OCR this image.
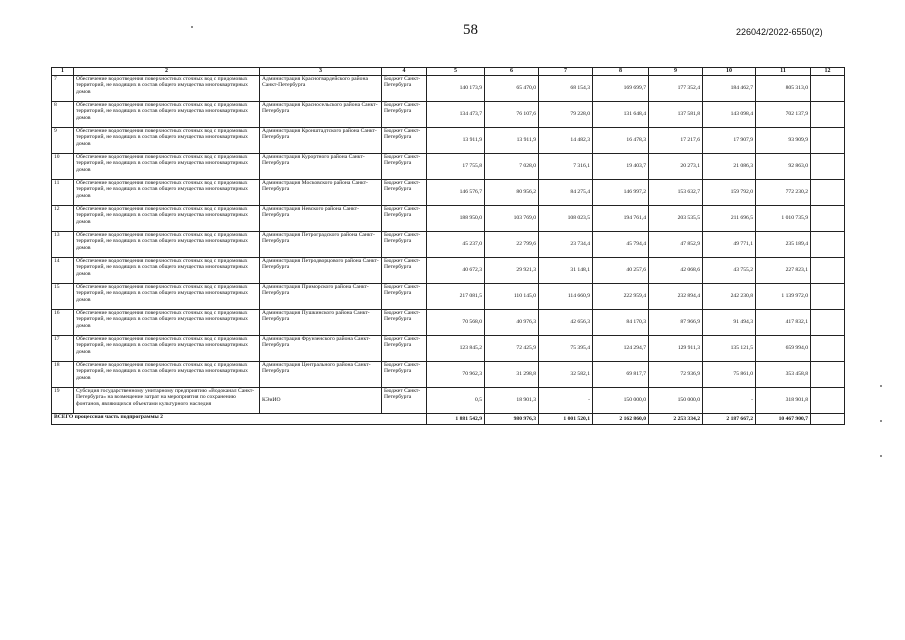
58	226042/2022-6550(2)
1	2	3	4	5	6	7	8	9	10	11	12
7	Обеспечение водоотведения поверхностных сточных вод с придомовых территорий, не входящих в состав общего имущества многоквартирных домов	Администрация Красногвардейского района Санкт-Петербурга	Бюджет Санкт-Петербурга	140 173,9	65 470,0	68 154,3	169 699,7	177 352,4	184 462,7	805 313,0	
8	Обеспечение водоотведения поверхностных сточных вод с придомовых территорий, не входящих в состав общего имущества многоквартирных домов	Администрация Красносельского района Санкт-Петербурга	Бюджет Санкт-Петербурга	134 473,7	76 107,6	79 228,0	131 648,4	137 581,8	143 098,4	702 137,9	
9	Обеспечение водоотведения поверхностных сточных вод с придомовых территорий, не входящих в состав общего имущества многоквартирных домов	Администрация Кронштадтского района Санкт-Петербурга	Бюджет Санкт-Петербурга	13 911,9	13 911,9	14 482,3	16 478,3	17 217,6	17 907,9	93 909,9	
10	Обеспечение водоотведения поверхностных сточных вод с придомовых территорий, не входящих в состав общего имущества многоквартирных домов	Администрация Курортного района Санкт-Петербурга	Бюджет Санкт-Петербурга	17 755,8	7 028,0	7 316,1	19 403,7	20 273,1	21 086,3	92 863,0	
11	Обеспечение водоотведения поверхностных сточных вод с придомовых территорий, не входящих в состав общего имущества многоквартирных домов	Администрация Московского района Санкт-Петербурга	Бюджет Санкт-Петербурга	146 576,7	80 956,2	84 275,4	146 997,2	153 632,7	159 792,0	772 230,2	
12	Обеспечение водоотведения поверхностных сточных вод с придомовых территорий, не входящих в состав общего имущества многоквартирных домов	Администрация Невского района Санкт-Петербурга	Бюджет Санкт-Петербурга	188 950,0	103 769,0	108 023,5	194 761,4	203 535,5	211 696,5	1 010 735,9	
13	Обеспечение водоотведения поверхностных сточных вод с придомовых территорий, не входящих в состав общего имущества многоквартирных домов	Администрация Петроградского района Санкт-Петербурга	Бюджет Санкт-Петербурга	45 237,0	22 799,6	23 734,4	45 794,4	47 852,9	49 771,1	235 189,4	
14	Обеспечение водоотведения поверхностных сточных вод с придомовых территорий, не входящих в состав общего имущества многоквартирных домов	Администрация Петродворцового района Санкт-Петербурга	Бюджет Санкт-Петербурга	40 672,3	29 921,3	31 148,1	40 257,6	42 068,6	43 755,2	227 823,1	
15	Обеспечение водоотведения поверхностных сточных вод с придомовых территорий, не входящих в состав общего имущества многоквартирных домов	Администрация Приморского района Санкт-Петербурга	Бюджет Санкт-Петербурга	217 081,5	110 145,0	114 660,9	222 959,4	232 894,4	242 230,8	1 139 972,0	
16	Обеспечение водоотведения поверхностных сточных вод с придомовых территорий, не входящих в состав общего имущества многоквартирных домов	Администрация Пушкинского района Санкт-Петербурга	Бюджет Санкт-Петербурга	70 568,0	40 976,3	42 656,3	84 170,3	87 966,9	91 494,3	417 832,1	
17	Обеспечение водоотведения поверхностных сточных вод с придомовых территорий, не входящих в состав общего имущества многоквартирных домов	Администрация Фрунзенского района Санкт-Петербурга	Бюджет Санкт-Петербурга	123 845,2	72 425,9	75 395,4	124 294,7	129 911,3	135 121,5	659 994,0	
18	Обеспечение водоотведения поверхностных сточных вод с придомовых территорий, не входящих в состав общего имущества многоквартирных домов	Администрация Центрального района Санкт-Петербурга	Бюджет Санкт-Петербурга	70 962,3	31 298,8	32 582,1	69 817,7	72 936,9	75 861,0	353 458,8	
19	Субсидия государственному унитарному предприятию «Водоканал Санкт-Петербурга» на возмещение затрат на мероприятия по сохранению фонтанов, являющихся объектами культурного наследия	КЭиИО	Бюджет Санкт-Петербурга	0,5	18 901,3	-	150 000,0	150 000,0	-	318 901,8	
ВСЕГО процессная часть подпрограммы 2				1 881 542,9	980 976,3	1 001 520,1	2 162 860,0	2 253 334,2	2 187 667,2	10 467 900,7	
